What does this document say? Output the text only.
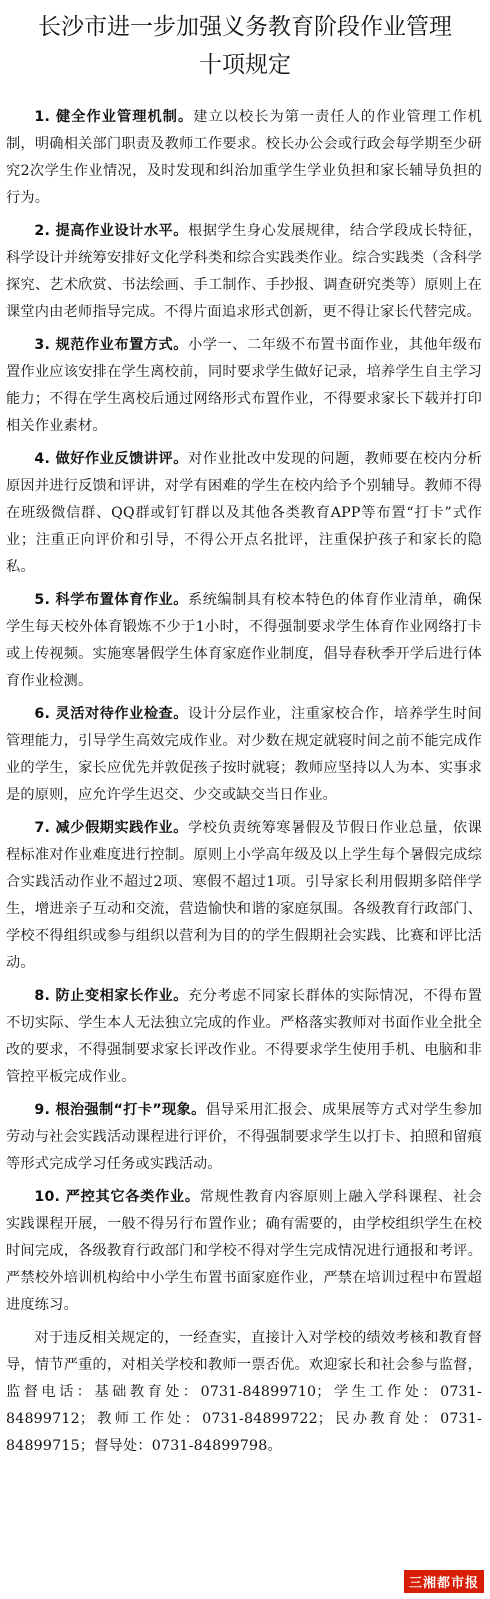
长沙市进一步加强义务教育阶段作业管理
十项规定

1. 健全作业管理机制。建立以校长为第一责任人的作业管理工作机制，明确相关部门职责及教师工作要求。校长办公会或行政会每学期至少研究2次学生作业情况，及时发现和纠治加重学生学业负担和家长辅导负担的行为。

2. 提高作业设计水平。根据学生身心发展规律，结合学段成长特征，科学设计并统筹安排好文化学科类和综合实践类作业。综合实践类（含科学探究、艺术欣赏、书法绘画、手工制作、手抄报、调查研究类等）原则上在课堂内由老师指导完成。不得片面追求形式创新，更不得让家长代替完成。

3. 规范作业布置方式。小学一、二年级不布置书面作业，其他年级布置作业应该安排在学生离校前，同时要求学生做好记录，培养学生自主学习能力；不得在学生离校后通过网络形式布置作业，不得要求家长下载并打印相关作业素材。

4. 做好作业反馈讲评。对作业批改中发现的问题，教师要在校内分析原因并进行反馈和评讲，对学有困难的学生在校内给予个别辅导。教师不得在班级微信群、QQ群或钉钉群以及其他各类教育APP等布置“打卡”式作业；注重正向评价和引导，不得公开点名批评，注重保护孩子和家长的隐私。

5. 科学布置体育作业。系统编制具有校本特色的体育作业清单，确保学生每天校外体育锻炼不少于1小时，不得强制要求学生体育作业网络打卡或上传视频。实施寒暑假学生体育家庭作业制度，倡导春秋季开学后进行体育作业检测。

6. 灵活对待作业检查。设计分层作业，注重家校合作，培养学生时间管理能力，引导学生高效完成作业。对少数在规定就寝时间之前不能完成作业的学生，家长应优先并敦促孩子按时就寝；教师应坚持以人为本、实事求是的原则，应允许学生迟交、少交或缺交当日作业。

7. 减少假期实践作业。学校负责统筹寒暑假及节假日作业总量，依课程标准对作业难度进行控制。原则上小学高年级及以上学生每个暑假完成综合实践活动作业不超过2项、寒假不超过1项。引导家长利用假期多陪伴学生，增进亲子互动和交流，营造愉快和谐的家庭氛围。各级教育行政部门、学校不得组织或参与组织以营利为目的的学生假期社会实践、比赛和评比活动。

8. 防止变相家长作业。充分考虑不同家长群体的实际情况，不得布置不切实际、学生本人无法独立完成的作业。严格落实教师对书面作业全批全改的要求，不得强制要求家长评改作业。不得要求学生使用手机、电脑和非管控平板完成作业。

9. 根治强制“打卡”现象。倡导采用汇报会、成果展等方式对学生参加劳动与社会实践活动课程进行评价，不得强制要求学生以打卡、拍照和留痕等形式完成学习任务或实践活动。

10. 严控其它各类作业。常规性教育内容原则上融入学科课程、社会实践课程开展，一般不得另行布置作业；确有需要的，由学校组织学生在校时间完成，各级教育行政部门和学校不得对学生完成情况进行通报和考评。严禁校外培训机构给中小学生布置书面家庭作业，严禁在培训过程中布置超进度练习。

对于违反相关规定的，一经查实，直接计入对学校的绩效考核和教育督导，情节严重的，对相关学校和教师一票否优。欢迎家长和社会参与监督，监督电话：基础教育处：0731-84899710；学生工作处：0731-84899712；教师工作处：0731-84899722；民办教育处：0731-84899715；督导处：0731-84899798。

三湘都市报
